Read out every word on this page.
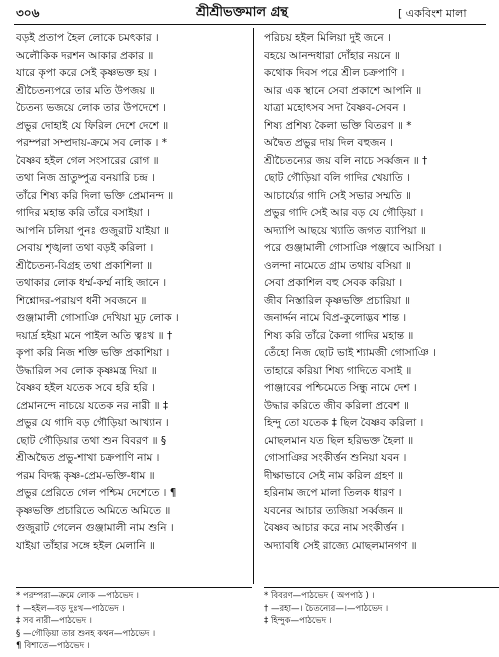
৩০৬	শ্রীশ্রীভক্তমাল গ্রন্থ	[ একবিংশ মালা
বড়ই প্রতাপ হৈল লোকে চমৎকার ।
অলৌকিক দরশন আকার প্রকার ॥
যারে কৃপা করে সেই কৃষ্ণভক্ত হয় ।
শ্রীচৈতন্যপরে তার মতি উপজয় ॥
চৈতন্য ভজয়ে লোক তার উপদেশে ।
প্রভুর দোহাই যে ফিরিল দেশে দেশে ॥
পরম্পরা সম্প্রদায়-ক্রমে সব লোক । *
বৈষ্ণব হইল গেল সংসারের রোগ ॥
তথা নিজ ভ্রাতুষ্পুত্র বনয়ারি চন্দ্র ।
তাঁরে শিষ্য করি দিলা ভক্তি প্রেমানন্দ ॥
গাদির মহান্ত করি তাঁরে বসাইয়া ।
আপনি চলিয়া পুনঃ গুজুরাট যাইয়া ॥
সেবায় শৃঙ্খলা তথা বড়ই করিলা ।
শ্রীচৈতন্য-বিগ্রহ তথা প্রকাশিলা ॥
তথাকার লোক ধর্ম্ম-কর্ম্ম নাহি জানে ।
শিশ্নোদর-পরায়ণ ধনী সবজনে ॥
গুঞ্জামালী গোসাঞি দেখিয়া মূঢ় লোক ।
দয়ার্দ্র হইয়া মনে পাইল অতি ত্বঃখ ॥ †
কৃপা করি নিজ শক্তি ভক্তি প্রকাশিয়া ।
উদ্ধারিল সব লোক কৃষ্ণমন্ত্র দিয়া ॥
বৈষ্ণব হইল যতেক সবে হরি হরি ।
প্রেমানন্দে নাচয়ে যতেক নর নারী ॥ ‡
প্রভুর যে গাদি বড় গৌড়িয়া আখ্যান ।
ছোট গৌড়িয়ার তথা শুন বিবরণ ॥ §
শ্রীঅদ্বৈত প্রভু-শাখা চক্রপাণি নাম ।
পরম বিদগ্ধ কৃষ্ণ-প্রেম-ভক্তি-ধাম ॥
প্রভুর প্রেরিতে গেল পশ্চিম দেশেতে । ¶
কৃষ্ণভক্তি প্রচারিতে অমিতে অমিতে ॥
গুজুরাট গেলেন গুঞ্জামালী নাম শুনি ।
যাইয়া তাঁহার সঙ্গে হইল মেলানি ॥
পরিচয় হইল মিলিয়া দুই জনে ।
বহয়ে আনন্দধারা দোঁহার নয়নে ॥
কথোক দিবস পরে শ্রীল চক্রপাণি ।
আর এক স্থানে সেবা প্রকাশে আপনি ॥
যাত্রা মহোৎসব সদা বৈষ্ণব-সেবন ।
শিষ্য প্রশিষ্য কৈলা ভক্তি বিতরণ ॥ *
অদ্বৈত প্রভুর দায় দিল বহুজন ।
শ্রীচৈতন্যের জয় বলি নাচে সর্ব্বজন ॥ †
ছোট গৌড়িয়া বলি গাদির খেয়াতি ।
আচার্য্যের গাদি সেই সভার সম্মতি ॥
প্রভুর গাদি সেই আর বড় যে গৌড়িয়া ।
অদ্যাপি আছয়ে খ্যাতি জগত ব্যাপিয়া ॥
পরে গুঞ্জামালী গোসাঞি পঞ্জাবে আসিয়া ।
ওলন্দা নামেতে গ্রাম তথায় বসিয়া ॥
সেবা প্রকাশিল বহু সেবক করিয়া ।
জীব নিস্তারিল কৃষ্ণভক্তি প্রচারিয়া ॥
জনার্দ্দন নামে বিপ্র-কুলোদ্ভব শান্ত ।
শিষ্য করি তাঁরে কৈলা গাদির মহান্ত ॥
তেঁহো নিজ ছোট ভাই শ্যামজী গোসাঞি ।
তাহারে করিয়া শিষ্য গাদিতে বসাই ॥
পাঞ্জাবের পশ্চিমেতে সিন্ধু নামে দেশ ।
উদ্ধার করিতে জীব করিলা প্রবেশ ॥
হিন্দু তো যতেক ‡ ছিল বৈষ্ণব করিলা ।
মোছলমান যত ছিল হরিভক্ত হৈলা ॥
গোসাঞির সংকীর্ত্তন শুনিয়া যবন ।
দীক্ষাভাবে সেই নাম করিল গ্রহণ ॥
হরিনাম জপে মালা তিলক ধারণ ।
যবনের আচার ত্যজিয়া সর্ব্বজন ॥
বৈষ্ণব আচার করে নাম সংকীর্ত্তন ।
অদ্যাবধি সেই রাজ্যে মোছলমানগণ ॥
* পরম্পরা—ক্রমে লোক —পাঠভেদ ।
† —হইল—বড় দুঃখ—পাঠভেদ ।
‡ সব নারী—পাঠভেদ ।
§ —গৌড়িয়া তার শুনহ কথন—পাঠভেদ ।
¶ বিশাতে—পাঠভেদ ।
* বিবরণ—পাঠভেদ ( অপপাঠ ) ।
† —রহা—। চৈতন্যের—।—পাঠভেদ ।
‡ হিন্দুক—পাঠভেদ ।
